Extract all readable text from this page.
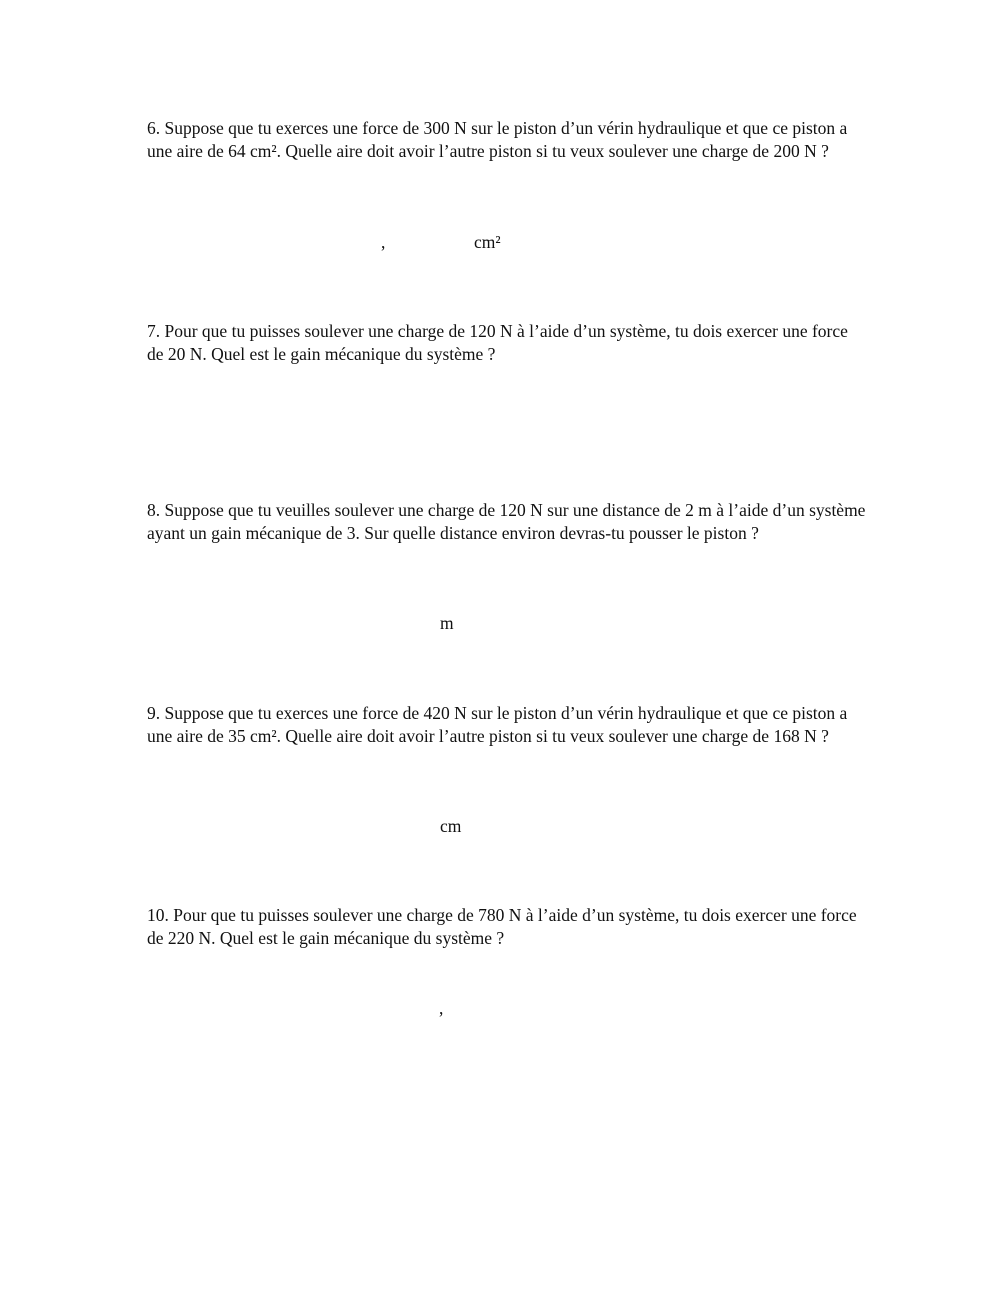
6. Suppose que tu exerces une force de 300 N sur le piston d’un vérin hydraulique et que ce piston a une aire de 64 cm². Quelle aire doit avoir l’autre piston si tu veux soulever une charge de 200 N ?

,	cm²

7. Pour que tu puisses soulever une charge de 120 N à l’aide d’un système, tu dois exercer une force de 20 N. Quel est le gain mécanique du système ?

8. Suppose que tu veuilles soulever une charge de 120 N sur une distance de 2 m à l’aide d’un système ayant un gain mécanique de 3. Sur quelle distance environ devras-tu pousser le piston ?

m

9. Suppose que tu exerces une force de 420 N sur le piston d’un vérin hydraulique et que ce piston a une aire de 35 cm². Quelle aire doit avoir l’autre piston si tu veux soulever une charge de 168 N ?

cm

10. Pour que tu puisses soulever une charge de 780 N à l’aide d’un système, tu dois exercer une force de 220 N. Quel est le gain mécanique du système ?

,
